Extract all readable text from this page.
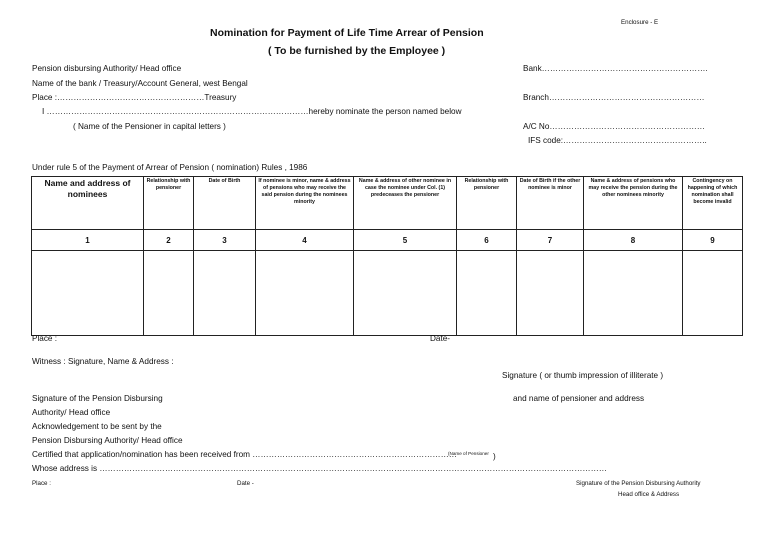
Enclosure - E
Nomination for Payment of Life Time Arrear of Pension
( To be furnished by the Employee )
Pension disbursing Authority/ Head office
Name of the bank / Treasury/Account General, west Bengal
Place :………………………………………………Treasury
I ……………………………………………………………………………………hereby nominate the person named below
( Name of the Pensioner in capital letters )
Bank…………………………………………………….
Branch…………………………………………………
A/C No…………………………………………………
IFS code:……………………………………………..
Under rule 5 of the Payment of Arrear of Pension ( nomination) Rules , 1986
Name and address of nominees	Relationship with pensioner	Date of Birth	If nominee is minor, name & address of pensions who may receive the said pension during the nominees minority	Name & address of other nominee in case the nominee under Col. (1) predeceases the pensioner	Relationship with pensioner	Date of Birth if the other nominee is minor	Name & address of pensions who may receive the pension during the other nominees minority	Contingency on happening of which nomination shall become invalid
1	2	3	4	5	6	7	8	9

Place :	Date-
Witness : Signature, Name & Address :
Signature ( or thumb impression of illiterate )
Signature of the Pension Disbursing	and name of pensioner and address
Authority/ Head office
Acknowledgement to be sent by the
Pension Disbursing Authority/ Head office
Certified that application/nomination has been received from …………………………………………………………………
(Name of Pensioner )
Whose address is ……………………………………………………………………………………………………………………………………………………………………
Place :	Date -	Signature of the Pension Disbursing Authority
Head office & Address
